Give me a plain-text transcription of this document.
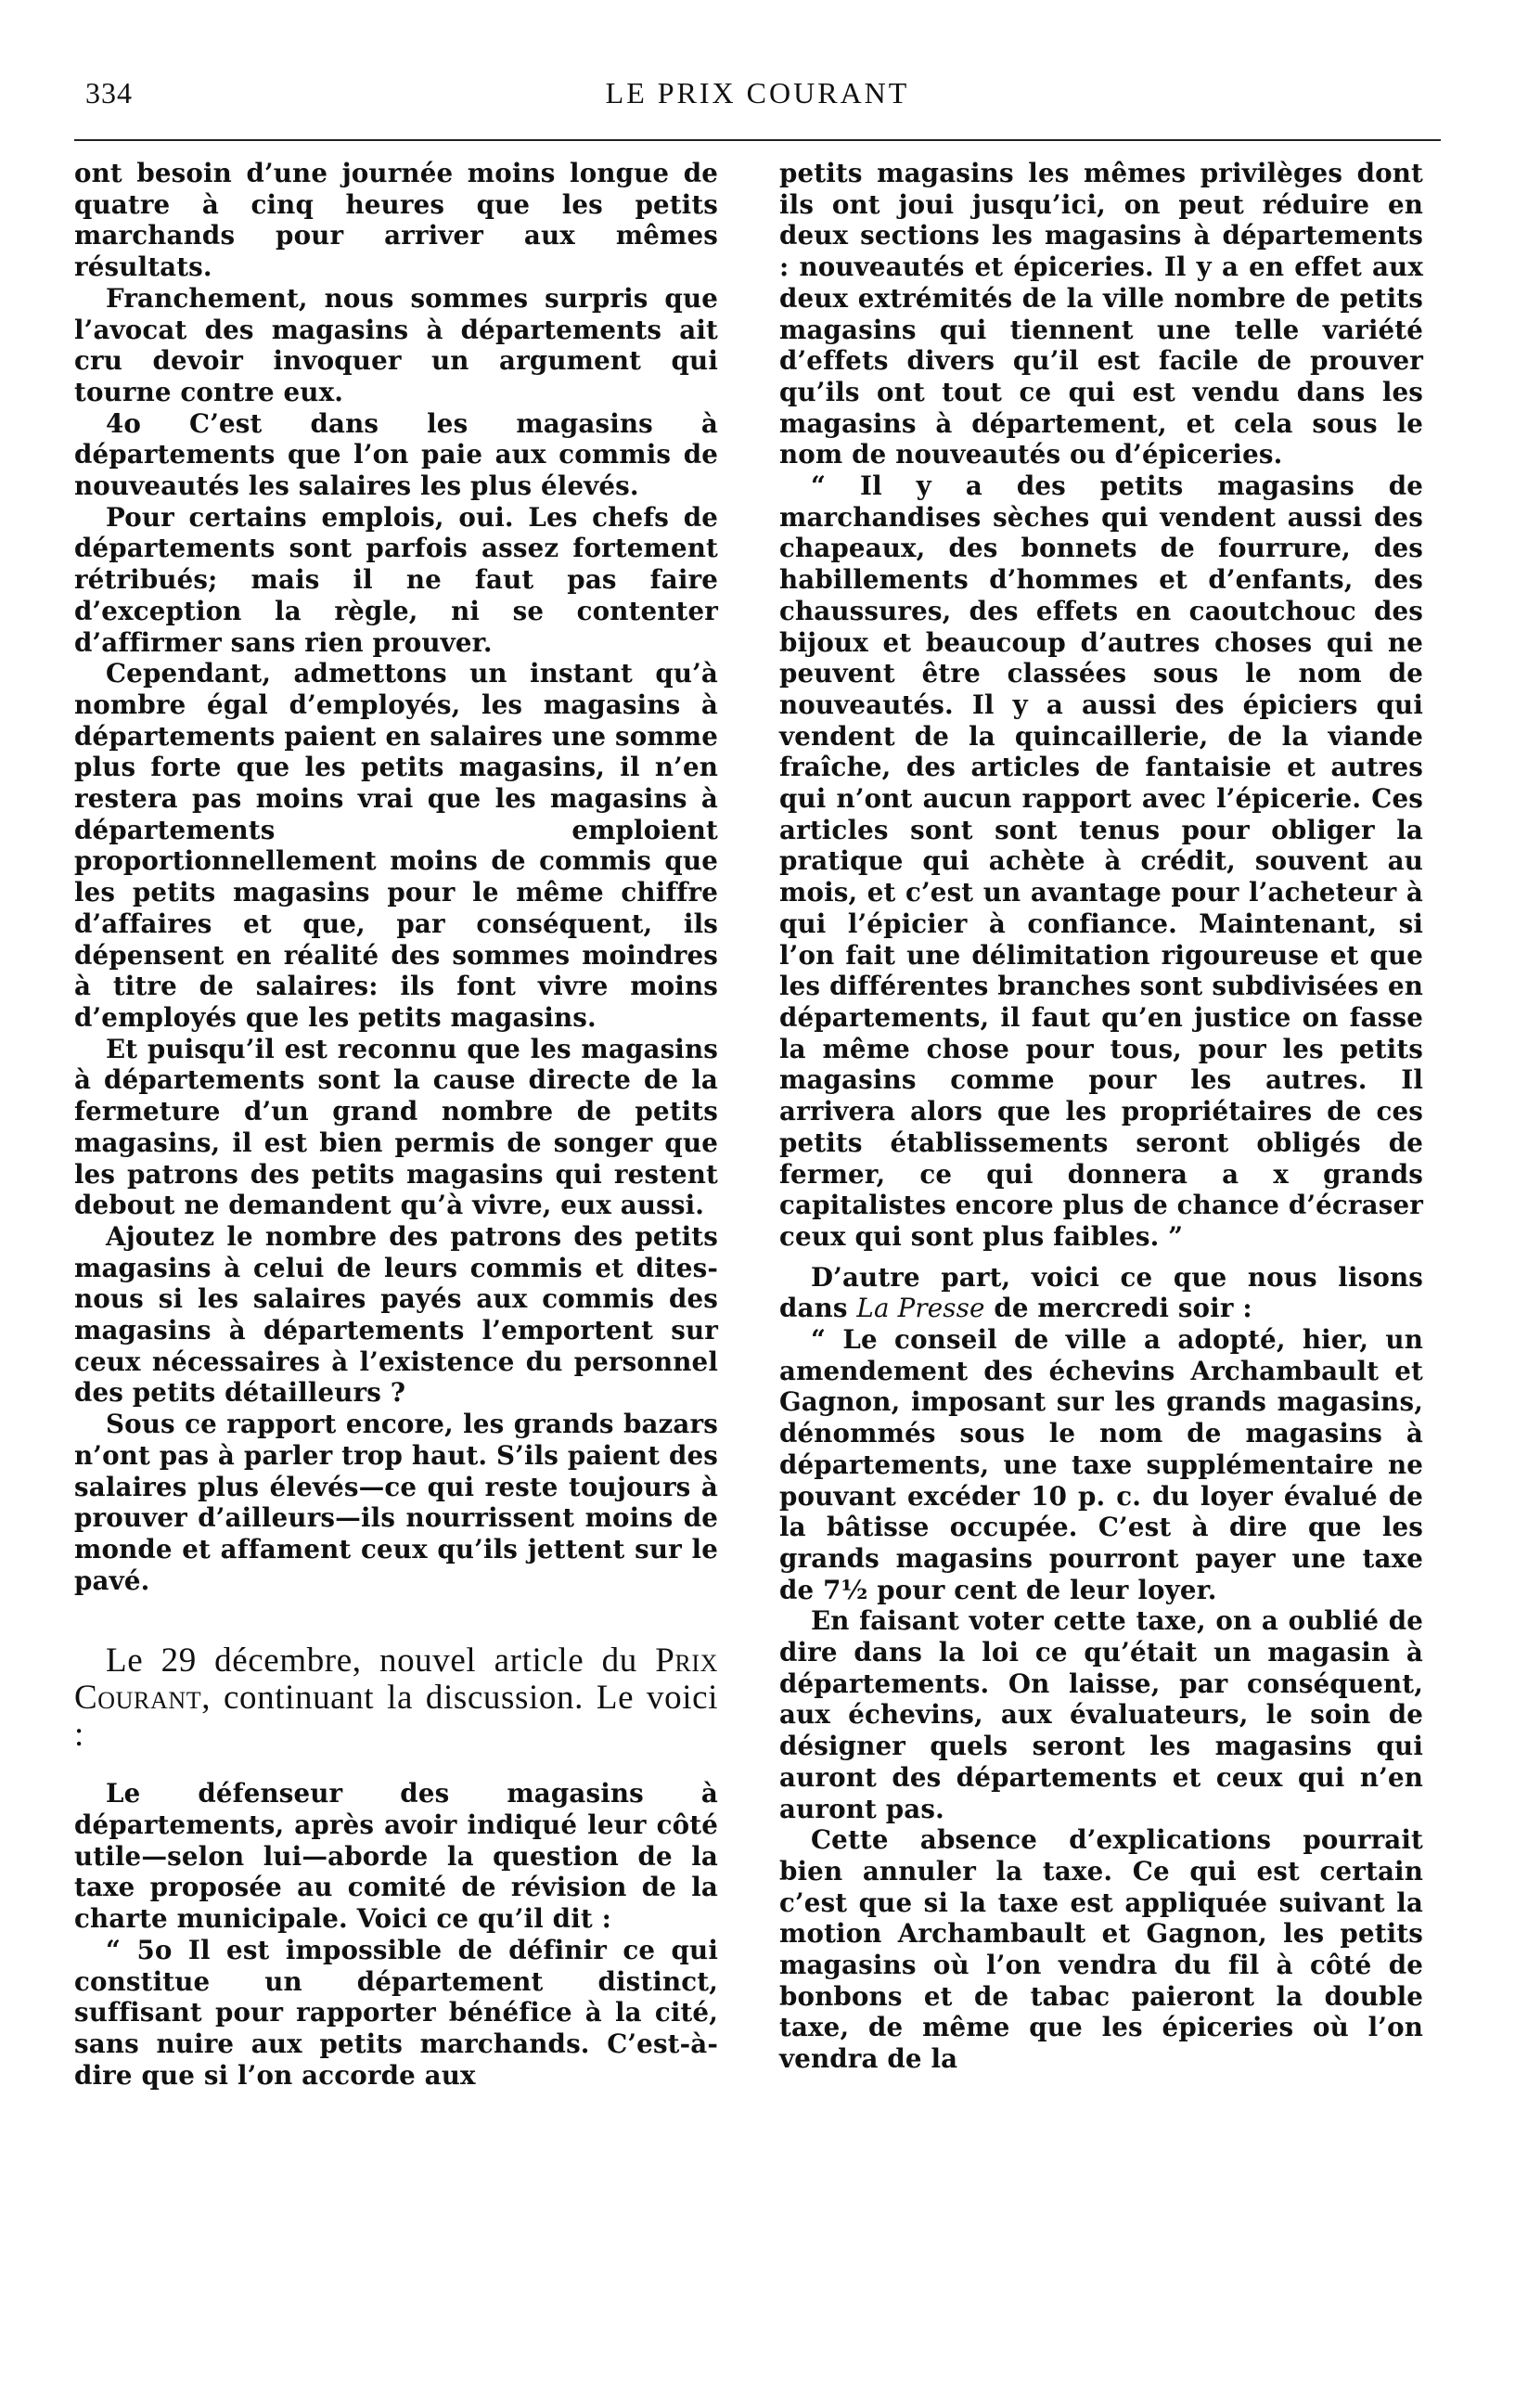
334	LE PRIX COURANT

ont besoin d’une journée moins longue de quatre à cinq heures que les petits marchands pour arriver aux mêmes résultats.

Franchement, nous sommes surpris que l’avocat des magasins à départements ait cru devoir invoquer un argument qui tourne contre eux.

4o C’est dans les magasins à départements que l’on paie aux commis de nouveautés les salaires les plus élevés.

Pour certains emplois, oui. Les chefs de départements sont parfois assez fortement rétribués; mais il ne faut pas faire d’exception la règle, ni se contenter d’affirmer sans rien prouver.

Cependant, admettons un instant qu’à nombre égal d’employés, les magasins à départements paient en salaires une somme plus forte que les petits magasins, il n’en restera pas moins vrai que les magasins à départements emploient proportionnellement moins de commis que les petits magasins pour le même chiffre d’affaires et que, par conséquent, ils dépensent en réalité des sommes moindres à titre de salaires: ils font vivre moins d’employés que les petits magasins.

Et puisqu’il est reconnu que les magasins à départements sont la cause directe de la fermeture d’un grand nombre de petits magasins, il est bien permis de songer que les patrons des petits magasins qui restent debout ne demandent qu’à vivre, eux aussi.

Ajoutez le nombre des patrons des petits magasins à celui de leurs commis et dites-nous si les salaires payés aux commis des magasins à départements l’emportent sur ceux nécessaires à l’existence du personnel des petits détailleurs ?

Sous ce rapport encore, les grands bazars n’ont pas à parler trop haut. S’ils paient des salaires plus élevés—ce qui reste toujours à prouver d’ailleurs—ils nourrissent moins de monde et affament ceux qu’ils jettent sur le pavé.

Le 29 décembre, nouvel article du Prix Courant, continuant la discussion. Le voici :

Le défenseur des magasins à départements, après avoir indiqué leur côté utile—selon lui—aborde la question de la taxe proposée au comité de révision de la charte municipale. Voici ce qu’il dit :

“ 5o Il est impossible de définir ce qui constitue un département distinct, suffisant pour rapporter bénéfice à la cité, sans nuire aux petits marchands. C’est-à-dire que si l’on accorde aux

petits magasins les mêmes privilèges dont ils ont joui jusqu’ici, on peut réduire en deux sections les magasins à départements : nouveautés et épiceries. Il y a en effet aux deux extrémités de la ville nombre de petits magasins qui tiennent une telle variété d’effets divers qu’il est facile de prouver qu’ils ont tout ce qui est vendu dans les magasins à département, et cela sous le nom de nouveautés ou d’épiceries.

“ Il y a des petits magasins de marchandises sèches qui vendent aussi des chapeaux, des bonnets de fourrure, des habillements d’hommes et d’enfants, des chaussures, des effets en caoutchouc des bijoux et beaucoup d’autres choses qui ne peuvent être classées sous le nom de nouveautés. Il y a aussi des épiciers qui vendent de la quincaillerie, de la viande fraîche, des articles de fantaisie et autres qui n’ont aucun rapport avec l’épicerie. Ces articles sont sont tenus pour obliger la pratique qui achète à crédit, souvent au mois, et c’est un avantage pour l’acheteur à qui l’épicier à confiance. Maintenant, si l’on fait une délimitation rigoureuse et que les différentes branches sont subdivisées en départements, il faut qu’en justice on fasse la même chose pour tous, pour les petits magasins comme pour les autres. Il arrivera alors que les propriétaires de ces petits établissements seront obligés de fermer, ce qui donnera a x grands capitalistes encore plus de chance d’écraser ceux qui sont plus faibles. ”

D’autre part, voici ce que nous lisons dans La Presse de mercredi soir :

“ Le conseil de ville a adopté, hier, un amendement des échevins Archambault et Gagnon, imposant sur les grands magasins, dénommés sous le nom de magasins à départements, une taxe supplémentaire ne pouvant excéder 10 p. c. du loyer évalué de la bâtisse occupée. C’est à dire que les grands magasins pourront payer une taxe de 7½ pour cent de leur loyer.

En faisant voter cette taxe, on a oublié de dire dans la loi ce qu’était un magasin à départements. On laisse, par conséquent, aux échevins, aux évaluateurs, le soin de désigner quels seront les magasins qui auront des départements et ceux qui n’en auront pas.

Cette absence d’explications pourrait bien annuler la taxe. Ce qui est certain c’est que si la taxe est appliquée suivant la motion Archambault et Gagnon, les petits magasins où l’on vendra du fil à côté de bonbons et de tabac paieront la double taxe, de même que les épiceries où l’on vendra de la
